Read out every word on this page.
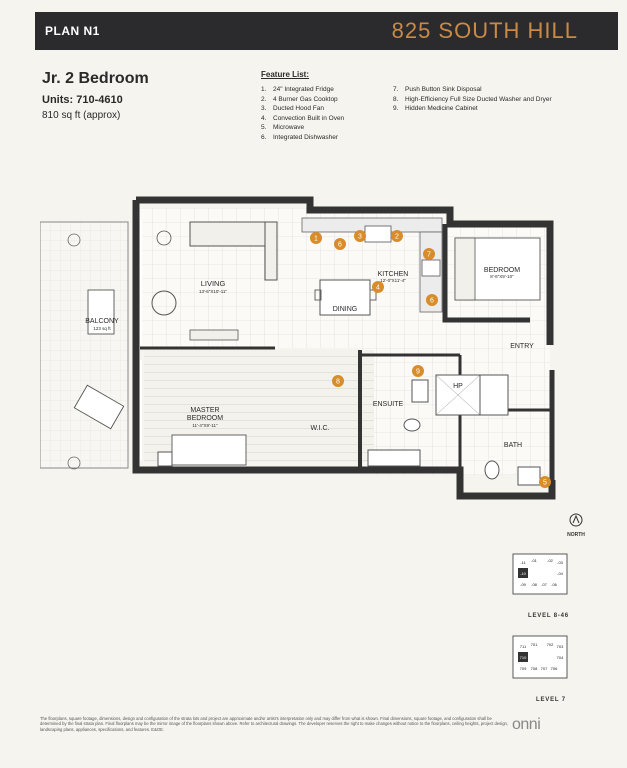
PLAN N1	825 SOUTH HILL
Jr. 2 Bedroom
Units: 710-4610
810 sq ft (approx)
Feature List:
1. 24" Integrated Fridge
2. 4 Burner Gas Cooktop
3. Ducted Hood Fan
4. Convection Built in Oven
5. Microwave
6. Integrated Dishwasher
7. Push Button Sink Disposal
8. High-Efficiency Full Size Ducted Washer and Dryer
9. Hidden Medicine Cabinet
1	2
3
4
5
6
6
7
8
9
LIVING
13'-6"X10'-11"
BALCONY
123 sq ft
DINING
KITCHEN
12'-0"X11'-4"
BEDROOM
8'-6"X9'-10"
ENTRY
MASTER
BEDROOM
11'-4"X9'-11"	W.I.C.
ENSUITE
HP
BATH
NORTH
-11 -01
-10
-09 -08 -07 -06
-04
-03
-02
LEVEL 8-46
711 701
710
709 708 707 706
704
703
702
LEVEL 7
The floorplans, square footage, dimensions, design and configuration of the strata lots and project are approximate and/or artist's interpretation only and may differ from what is shown. Final dimensions, square footage, and configuration shall be determined by the final strata plan. Final floorplans may be the mirror image of the floorplans shown above. Refer to architectural drawings. The developer reserves the right to make changes without notice to the floorplans, ceiling heights, project design, landscaping plans, appliances, specifications, and features. E&OE.	onni
